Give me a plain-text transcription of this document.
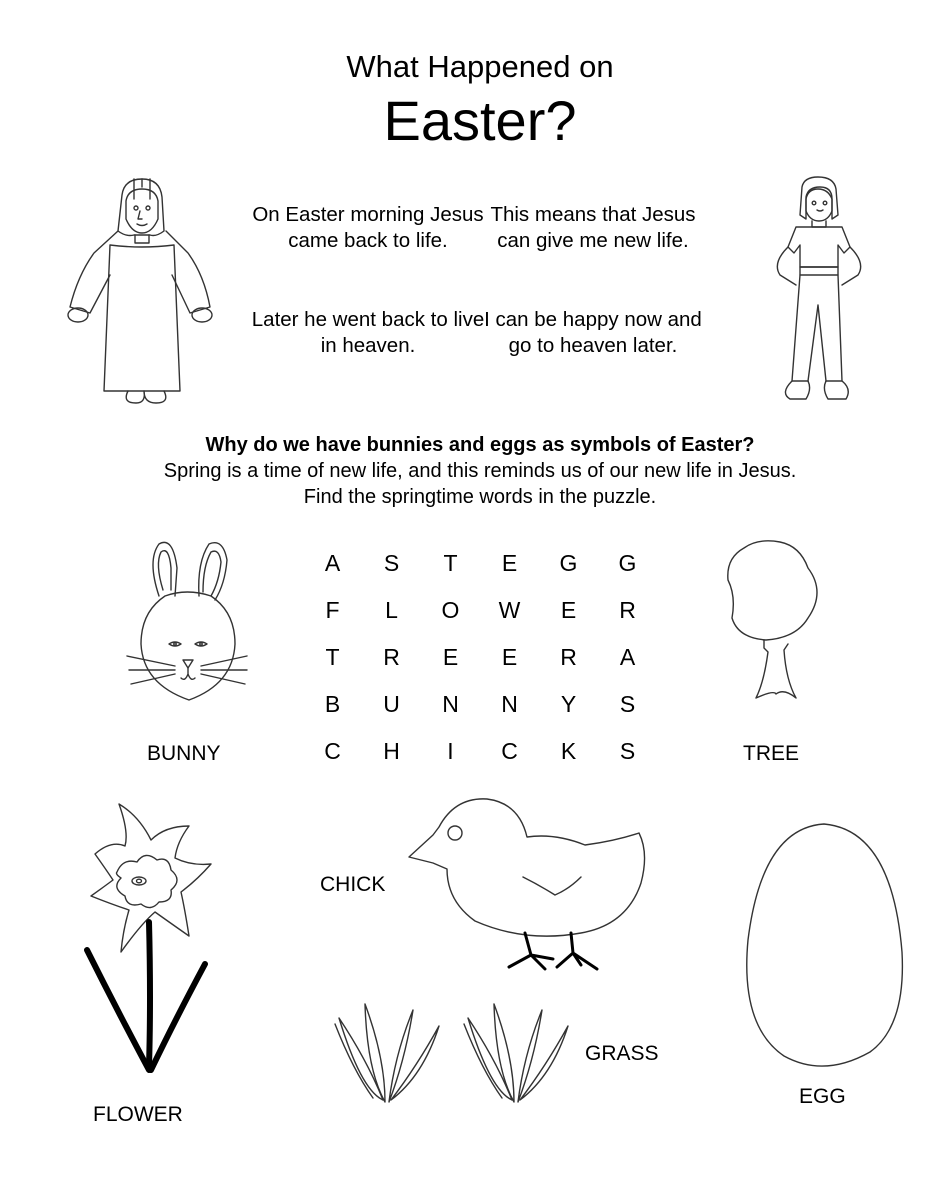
What Happened on
Easter?
On Easter morning Jesus came back to life.
Later he went back to live in heaven.
This means that Jesus can give me new life.
I can be happy now and go to heaven later.
Why do we have bunnies and eggs as symbols of Easter?
Spring is a time of new life, and this reminds us of our new life in Jesus.
Find the springtime words in the puzzle.
A	S	T	E	G	G
F	L	O	W	E	R
T	R	E	E	R	A
B	U	N	N	Y	S
C	H	I	C	K	S
BUNNY	TREE
CHICK
GRASS
FLOWER
EGG
